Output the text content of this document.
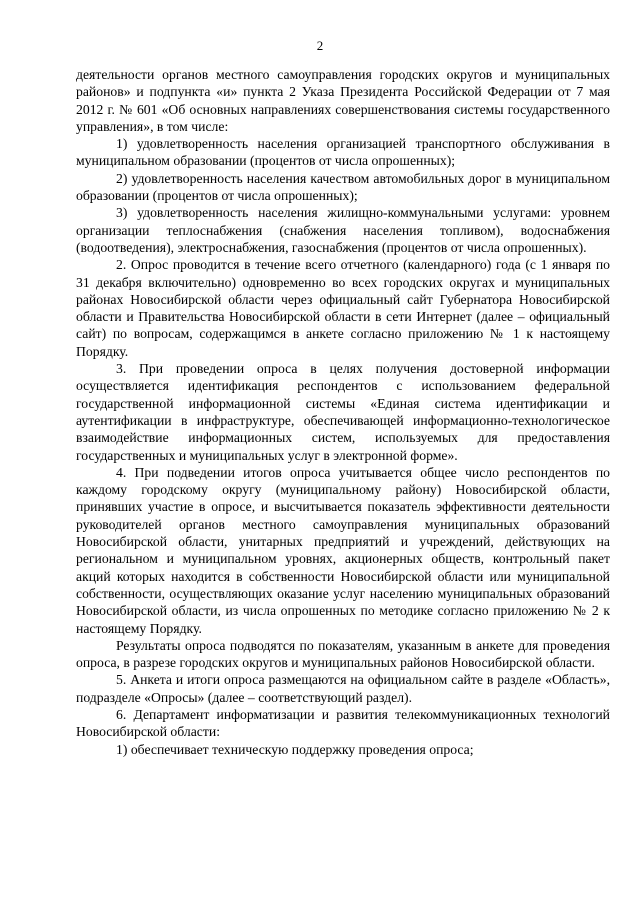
2

деятельности органов местного самоуправления городских округов и муниципальных районов» и подпункта «и» пункта 2 Указа Президента Российской Федерации от 7 мая 2012 г. № 601 «Об основных направлениях совершенствования системы государственного управления», в том числе:

1) удовлетворенность населения организацией транспортного обслуживания в муниципальном образовании (процентов от числа опрошенных);

2) удовлетворенность населения качеством автомобильных дорог в муниципальном образовании (процентов от числа опрошенных);

3) удовлетворенность населения жилищно-коммунальными услугами: уровнем организации теплоснабжения (снабжения населения топливом), водоснабжения (водоотведения), электроснабжения, газоснабжения (процентов от числа опрошенных).

2. Опрос проводится в течение всего отчетного (календарного) года (с 1 января по 31 декабря включительно) одновременно во всех городских округах и муниципальных районах Новосибирской области через официальный сайт Губернатора Новосибирской области и Правительства Новосибирской области в сети Интернет (далее – официальный сайт) по вопросам, содержащимся в анкете согласно приложению № 1 к настоящему Порядку.

3. При проведении опроса в целях получения достоверной информации осуществляется идентификация респондентов с использованием федеральной государственной информационной системы «Единая система идентификации и аутентификации в инфраструктуре, обеспечивающей информационно-технологическое взаимодействие информационных систем, используемых для предоставления государственных и муниципальных услуг в электронной форме».

4. При подведении итогов опроса учитывается общее число респондентов по каждому городскому округу (муниципальному району) Новосибирской области, принявших участие в опросе, и высчитывается показатель эффективности деятельности руководителей органов местного самоуправления муниципальных образований Новосибирской области, унитарных предприятий и учреждений, действующих на региональном и муниципальном уровнях, акционерных обществ, контрольный пакет акций которых находится в собственности Новосибирской области или муниципальной собственности, осуществляющих оказание услуг населению муниципальных образований Новосибирской области, из числа опрошенных по методике согласно приложению № 2 к настоящему Порядку.

Результаты опроса подводятся по показателям, указанным в анкете для проведения опроса, в разрезе городских округов и муниципальных районов Новосибирской области.

5. Анкета и итоги опроса размещаются на официальном сайте в разделе «Область», подразделе «Опросы» (далее – соответствующий раздел).

6. Департамент информатизации и развития телекоммуникационных технологий Новосибирской области:

1) обеспечивает техническую поддержку проведения опроса;
